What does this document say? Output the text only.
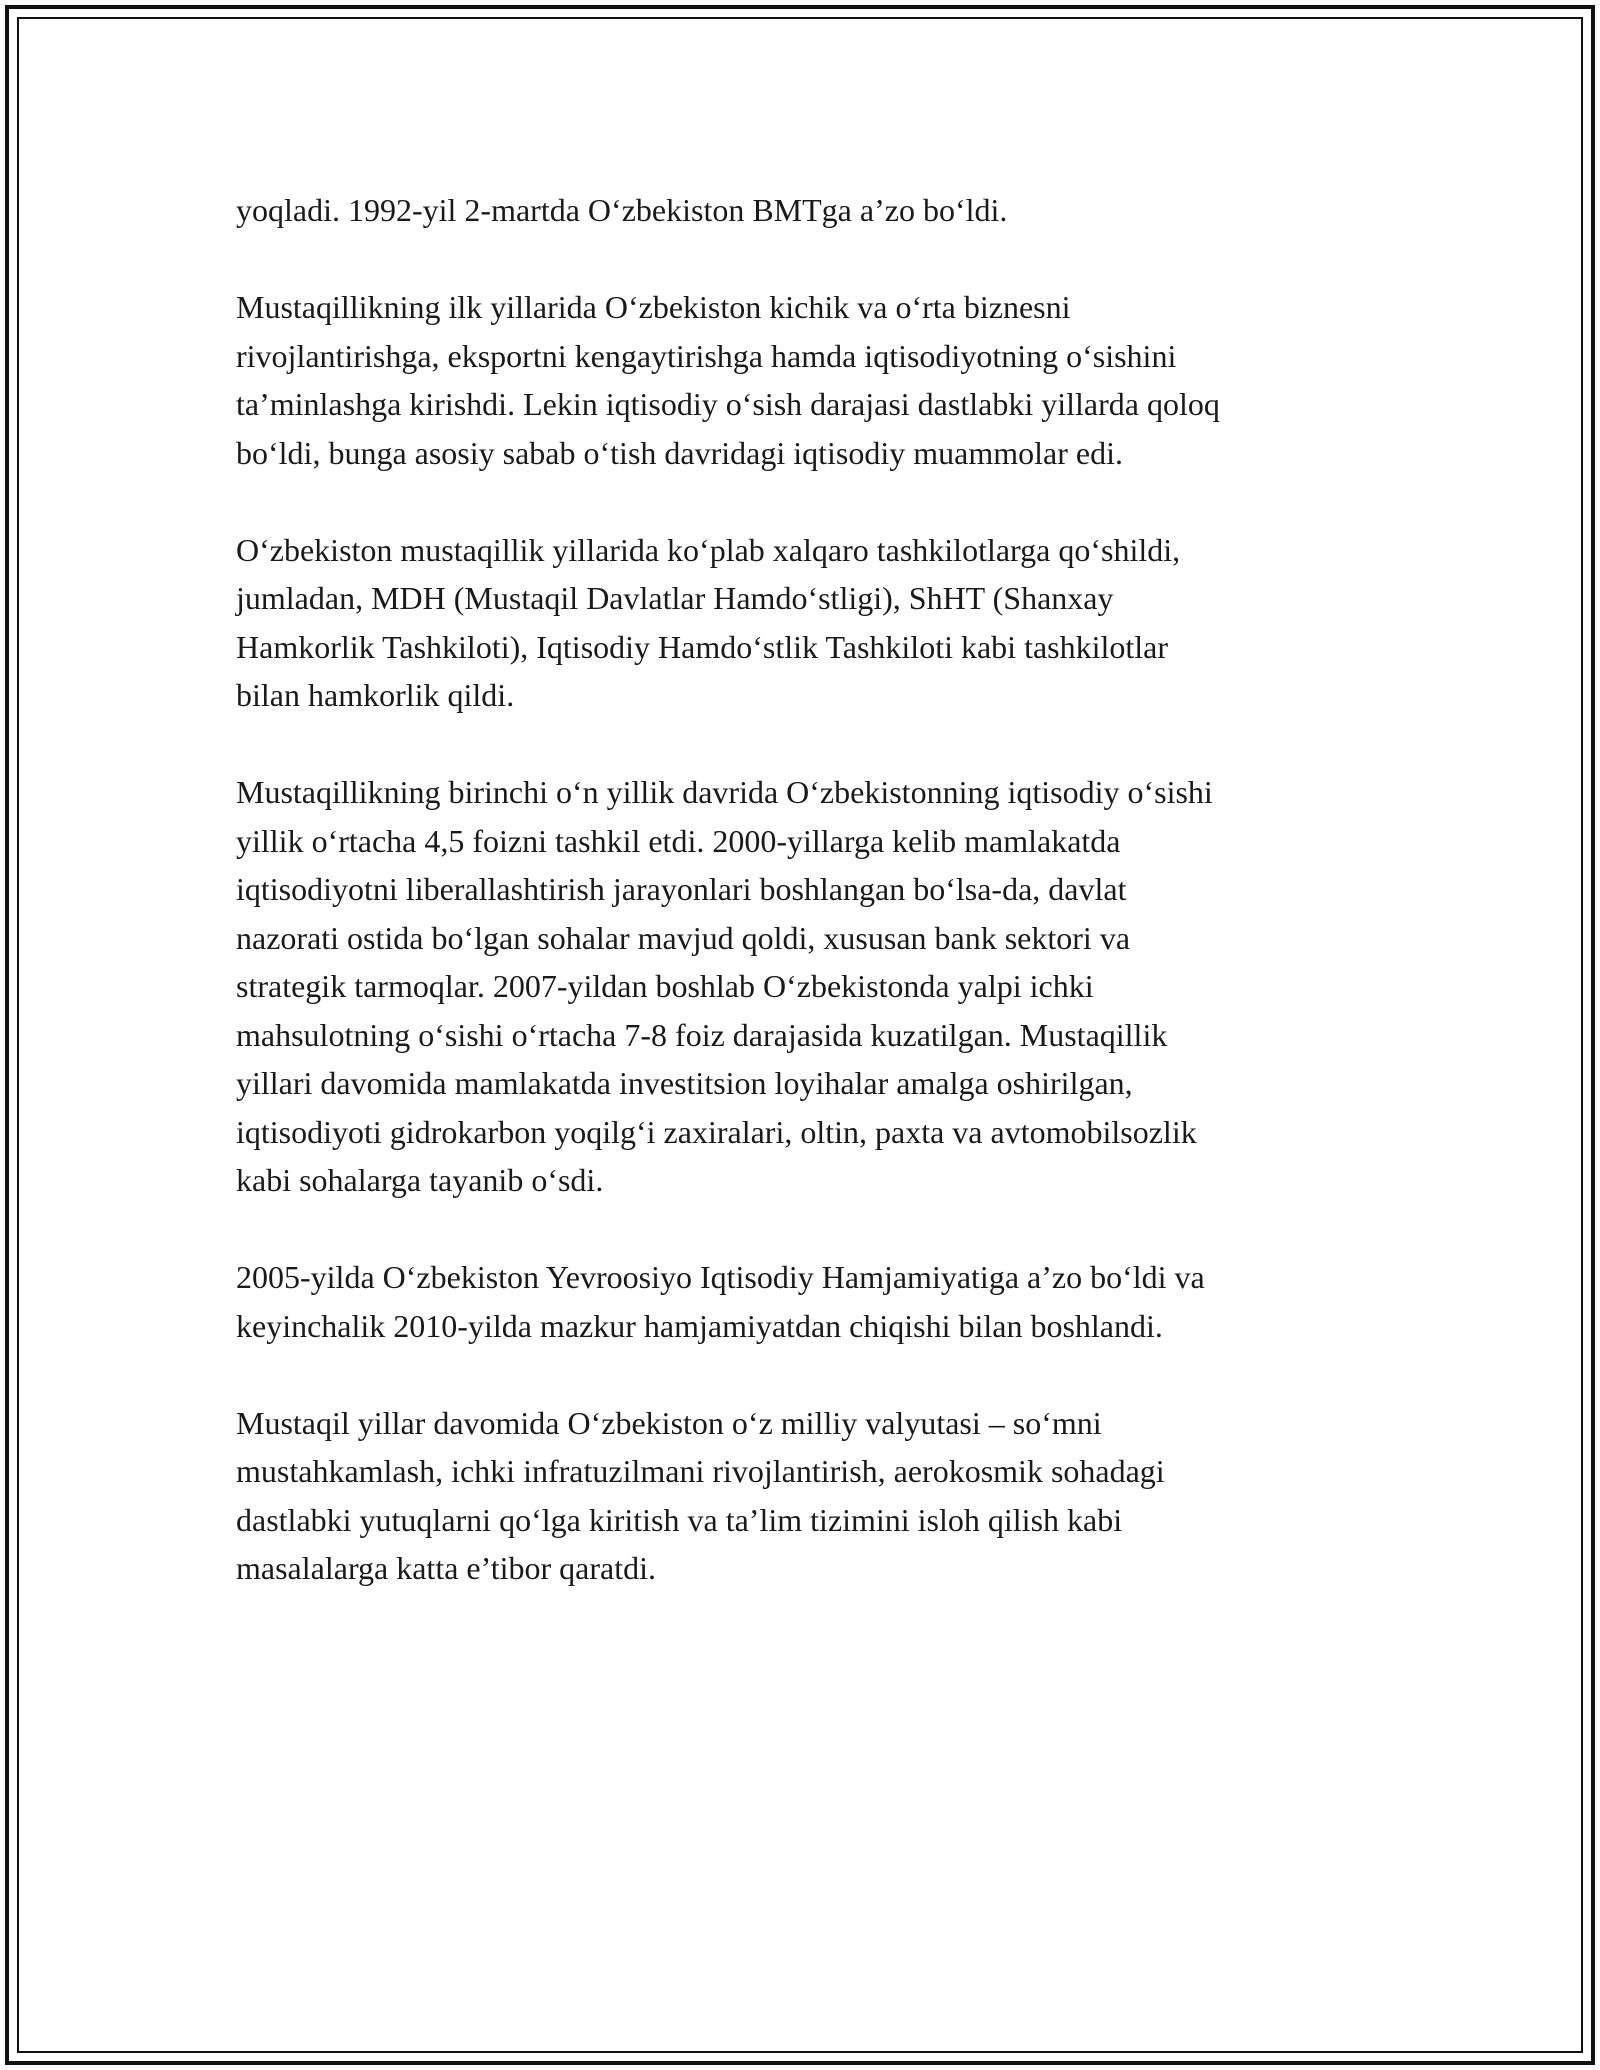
yoqladi. 1992-yil 2-martda O‘zbekiston BMTga a’zo bo‘ldi.

Mustaqillikning ilk yillarida O‘zbekiston kichik va o‘rta biznesni
rivojlantirishga, eksportni kengaytirishga hamda iqtisodiyotning o‘sishini
ta’minlashga kirishdi. Lekin iqtisodiy o‘sish darajasi dastlabki yillarda qoloq
bo‘ldi, bunga asosiy sabab o‘tish davridagi iqtisodiy muammolar edi.

O‘zbekiston mustaqillik yillarida ko‘plab xalqaro tashkilotlarga qo‘shildi,
jumladan, MDH (Mustaqil Davlatlar Hamdo‘stligi), ShHT (Shanxay
Hamkorlik Tashkiloti), Iqtisodiy Hamdo‘stlik Tashkiloti kabi tashkilotlar
bilan hamkorlik qildi.

Mustaqillikning birinchi o‘n yillik davrida O‘zbekistonning iqtisodiy o‘sishi
yillik o‘rtacha 4,5 foizni tashkil etdi. 2000-yillarga kelib mamlakatda
iqtisodiyotni liberallashtirish jarayonlari boshlangan bo‘lsa-da, davlat
nazorati ostida bo‘lgan sohalar mavjud qoldi, xususan bank sektori va
strategik tarmoqlar. 2007-yildan boshlab O‘zbekistonda yalpi ichki
mahsulotning o‘sishi o‘rtacha 7-8 foiz darajasida kuzatilgan. Mustaqillik
yillari davomida mamlakatda investitsion loyihalar amalga oshirilgan,
iqtisodiyoti gidrokarbon yoqilg‘i zaxiralari, oltin, paxta va avtomobilsozlik
kabi sohalarga tayanib o‘sdi.

2005-yilda O‘zbekiston Yevroosiyo Iqtisodiy Hamjamiyatiga a’zo bo‘ldi va
keyinchalik 2010-yilda mazkur hamjamiyatdan chiqishi bilan boshlandi.

Mustaqil yillar davomida O‘zbekiston o‘z milliy valyutasi – so‘mni
mustahkamlash, ichki infratuzilmani rivojlantirish, aerokosmik sohadagi
dastlabki yutuqlarni qo‘lga kiritish va ta’lim tizimini isloh qilish kabi
masalalarga katta e’tibor qaratdi.
